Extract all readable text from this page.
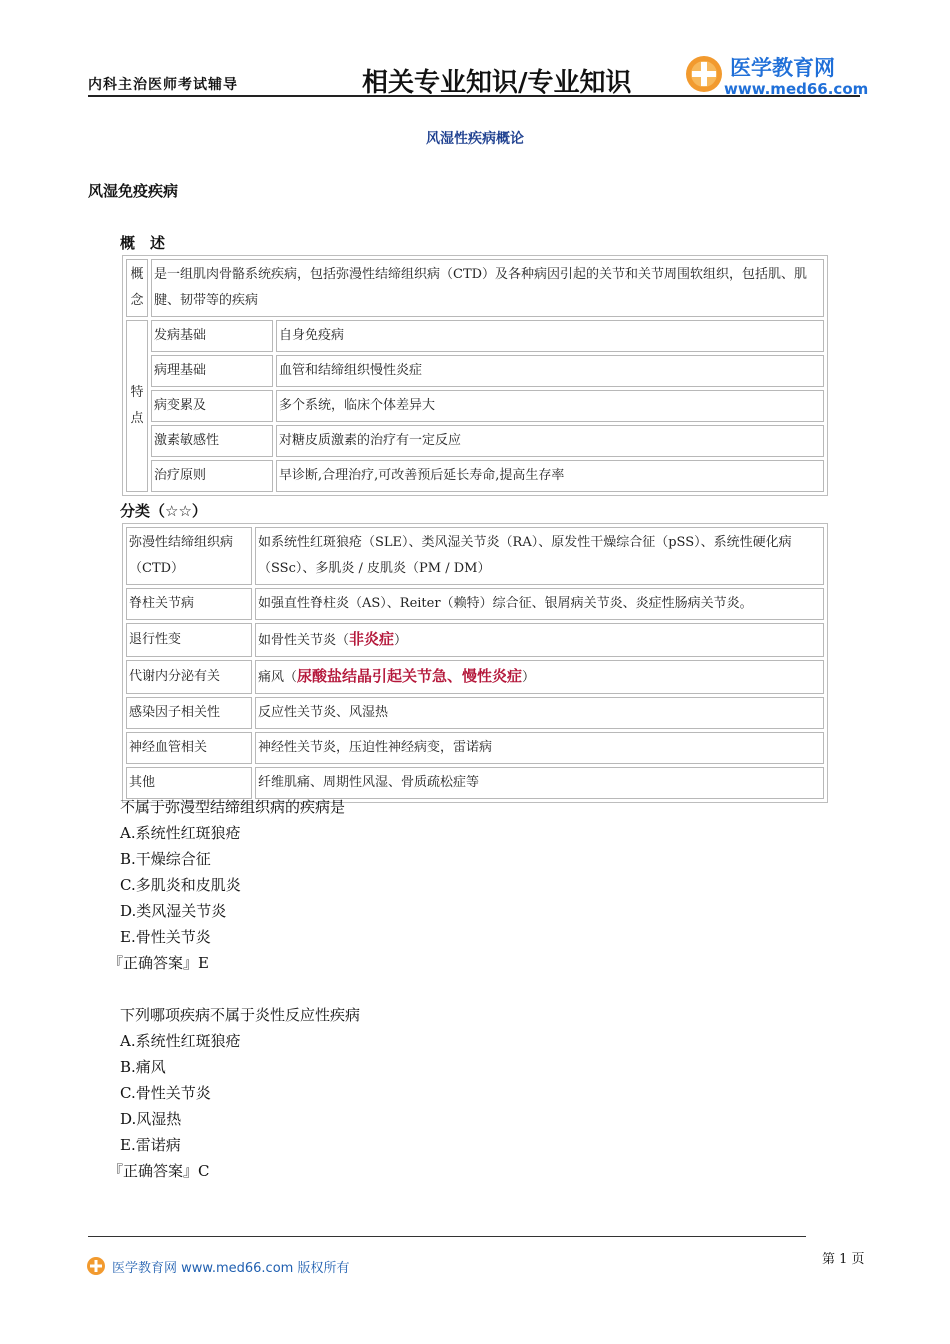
内科主治医师考试辅导	相关专业知识/专业知识	医学教育网
www.med66.com
风湿性疾病概论
风湿免疫疾病
概　述
概念	是一组肌肉骨骼系统疾病，包括弥漫性结缔组织病（CTD）及各种病因引起的关节和关节周围软组织，包括肌、肌腱、韧带等的疾病	
特点	发病基础	自身免疫病
	病理基础	血管和结缔组织慢性炎症
	病变累及	多个系统，临床个体差异大
	激素敏感性	对糖皮质激素的治疗有一定反应
	治疗原则	早诊断,合理治疗,可改善预后延长寿命,提高生存率
分类（☆☆）
弥漫性结缔组织病（CTD）	如系统性红斑狼疮（SLE）、类风湿关节炎（RA）、原发性干燥综合征（pSS）、系统性硬化病（SSc）、多肌炎 / 皮肌炎（PM / DM）
脊柱关节病	如强直性脊柱炎（AS）、Reiter（赖特）综合征、银屑病关节炎、炎症性肠病关节炎。
退行性变	如骨性关节炎（非炎症）
代谢内分泌有关	痛风（尿酸盐结晶引起关节急、慢性炎症）
感染因子相关性	反应性关节炎、风湿热
神经血管相关	神经性关节炎，压迫性神经病变，雷诺病
其他	纤维肌痛、周期性风湿、骨质疏松症等
不属于弥漫型结缔组织病的疾病是
A.系统性红斑狼疮
B.干燥综合征
C.多肌炎和皮肌炎
D.类风湿关节炎
E.骨性关节炎
『正确答案』E
下列哪项疾病不属于炎性反应性疾病
A.系统性红斑狼疮
B.痛风
C.骨性关节炎
D.风湿热
E.雷诺病
『正确答案』C
医学教育网 www.med66.com 版权所有
第 1 页
